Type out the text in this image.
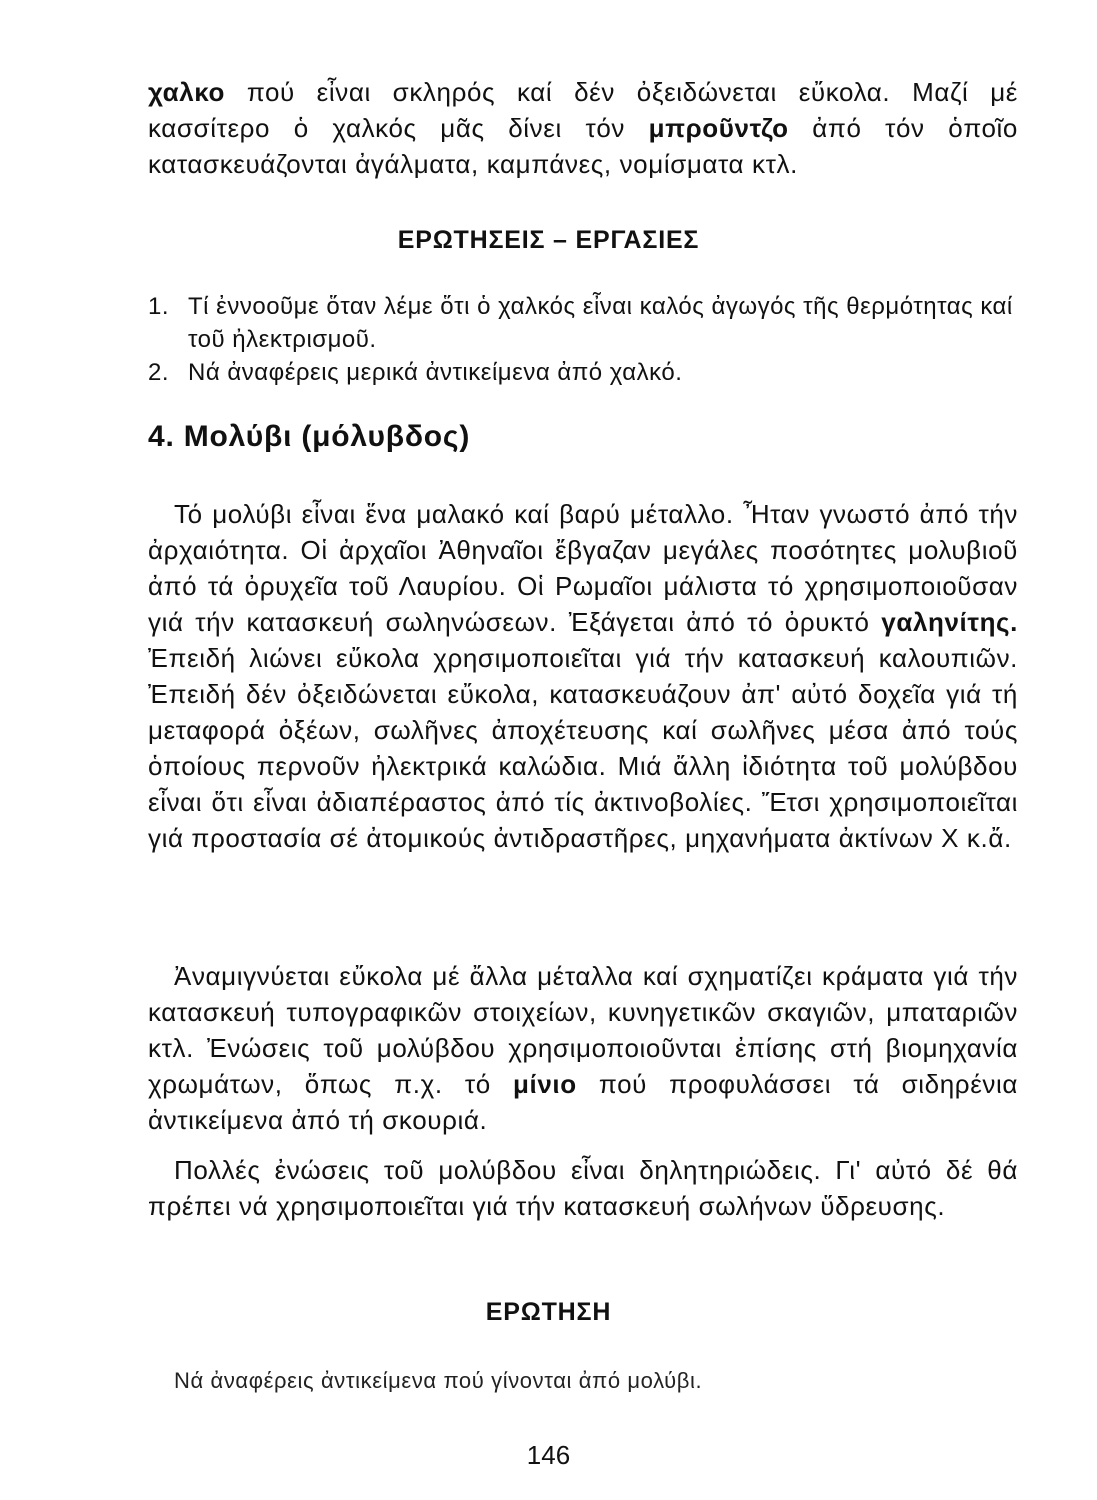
χαλκο πού εἶναι σκληρός καί δέν ὀξειδώνεται εὔκολα. Μαζί μέ κασσίτερο ὁ χαλκός μᾶς δίνει τόν μπροῦντζο ἀπό τόν ὁποῖο κατασκευάζονται ἀγάλματα, καμπάνες, νομίσματα κτλ.

ΕΡΩΤΗΣΕΙΣ – ΕΡΓΑΣΙΕΣ
1. Τί ἐννοοῦμε ὅταν λέμε ὅτι ὁ χαλκός εἶναι καλός ἀγωγός τῆς θερμότητας καί τοῦ ἠλεκτρισμοῦ.
2. Νά ἀναφέρεις μερικά ἀντικείμενα ἀπό χαλκό.
4. Μολύβι (μόλυβδος)

Τό μολύβι εἶναι ἕνα μαλακό καί βαρύ μέταλλο. Ἦταν γνωστό ἀπό τήν ἀρχαιότητα. Οἱ ἀρχαῖοι Ἀθηναῖοι ἔβγαζαν μεγάλες ποσότητες μολυβιοῦ ἀπό τά ὀρυχεῖα τοῦ Λαυρίου. Οἱ Ρωμαῖοι μάλιστα τό χρησιμοποιοῦσαν γιά τήν κατασκευή σωληνώσεων. Ἐξάγεται ἀπό τό ὀρυκτό γαληνίτης. Ἐπειδή λιώνει εὔκολα χρησιμοποιεῖται γιά τήν κατασκευή καλουπιῶν. Ἐπειδή δέν ὀξειδώνεται εὔκολα, κατασκευάζουν ἀπ' αὐτό δοχεῖα γιά τή μεταφορά ὀξέων, σωλῆνες ἀποχέτευσης καί σωλῆνες μέσα ἀπό τούς ὁποίους περνοῦν ἠλεκτρικά καλώδια. Μιά ἄλλη ἰδιότητα τοῦ μολύβδου εἶναι ὅτι εἶναι ἀδιαπέραστος ἀπό τίς ἀκτινοβολίες. Ἔτσι χρησιμοποιεῖται γιά προστασία σέ ἀτομικούς ἀντιδραστῆρες, μηχανήματα ἀκτίνων Χ κ.ἄ.

Ἀναμιγνύεται εὔκολα μέ ἄλλα μέταλλα καί σχηματίζει κράματα γιά τήν κατασκευή τυπογραφικῶν στοιχείων, κυνηγετικῶν σκαγιῶν, μπαταριῶν κτλ. Ἐνώσεις τοῦ μολύβδου χρησιμοποιοῦνται ἐπίσης στή βιομηχανία χρωμάτων, ὅπως π.χ. τό μίνιο πού προφυλάσσει τά σιδηρένια ἀντικείμενα ἀπό τή σκουριά.

Πολλές ἐνώσεις τοῦ μολύβδου εἶναι δηλητηριώδεις. Γι' αὐτό δέ θά πρέπει νά χρησιμοποιεῖται γιά τήν κατασκευή σωλήνων ὕδρευσης.

ΕΡΩΤΗΣΗ

Νά ἀναφέρεις ἀντικείμενα πού γίνονται ἀπό μολύβι.

146
